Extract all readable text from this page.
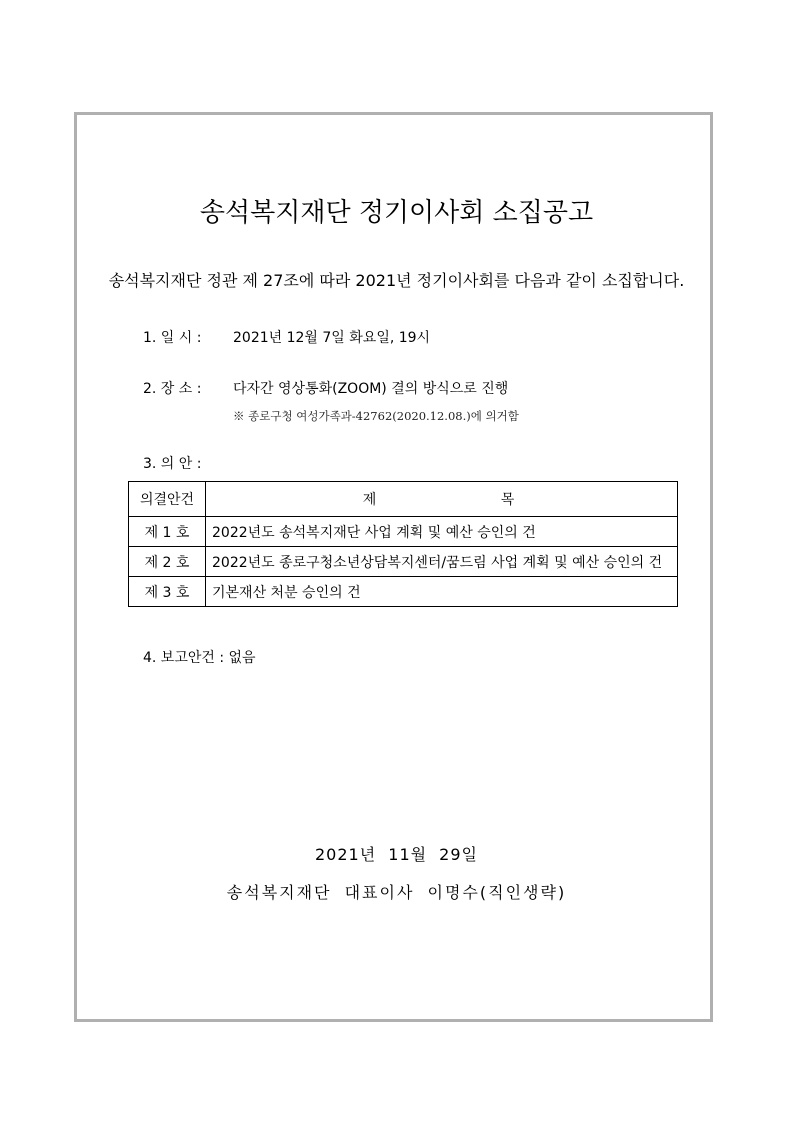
송석복지재단 정기이사회 소집공고
송석복지재단 정관 제 27조에 따라 2021년 정기이사회를 다음과 같이 소집합니다.
1. 일 시 : 2021년 12월 7일 화요일, 19시
2. 장 소 : 다자간 영상통화(ZOOM) 결의 방식으로 진행
※ 종로구청 여성가족과-42762(2020.12.08.)에 의거함
3. 의 안 :
의결안건	제 목
제 1 호	2022년도 송석복지재단 사업 계획 및 예산 승인의 건
제 2 호	2022년도 종로구청소년상담복지센터/꿈드림 사업 계획 및 예산 승인의 건
제 3 호	기본재산 처분 승인의 건
4. 보고안건 : 없음
2021년 11월 29일
송석복지재단 대표이사 이명수(직인생략)
